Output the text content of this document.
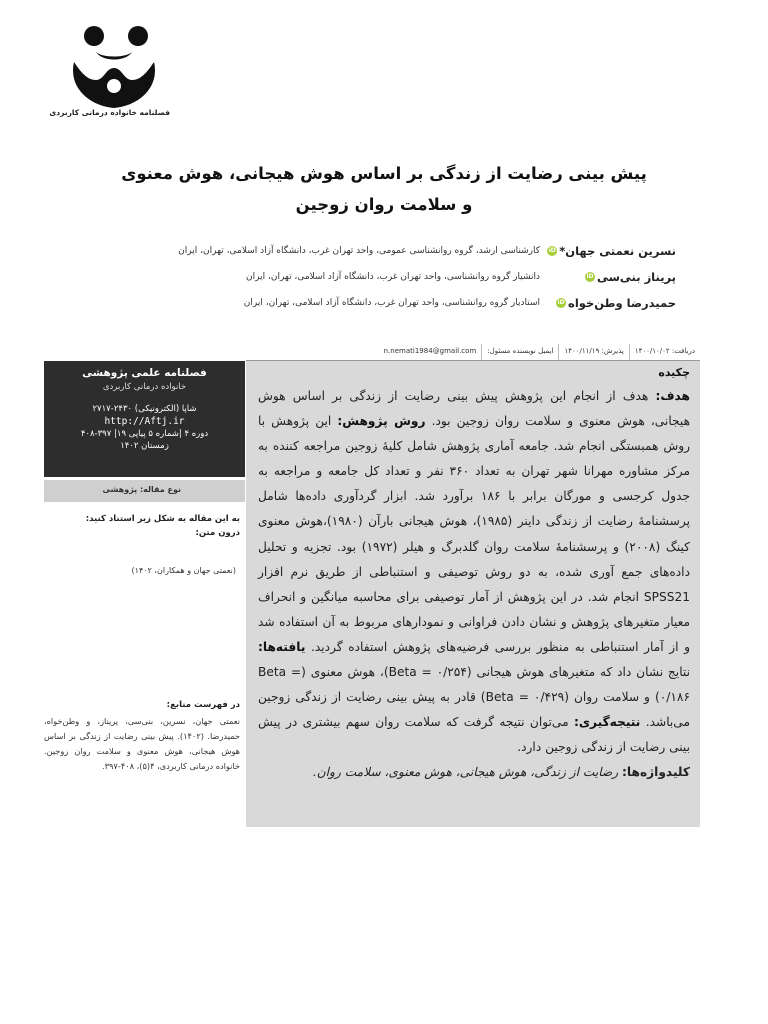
فصلنامه خانواده درمانی کاربردی
پیش بینی رضایت از زندگی بر اساس هوش هیجانی، هوش معنوی
و سلامت روان زوجین
نسرین نعمتی جهان*
iD
کارشناسی ارشد، گروه روانشناسی عمومی، واحد تهران غرب، دانشگاه آزاد اسلامی، تهران، ایران
پریناز بنی‌سی
iD
دانشیار گروه روانشناسی، واحد تهران غرب، دانشگاه آزاد اسلامی، تهران، ایران
حمیدرضا وطن‌خواه
iD
استادیار گروه روانشناسی، واحد تهران غرب، دانشگاه آزاد اسلامی، تهران، ایران
دریافت: ۱۴۰۰/۱۰/۰۲
پذیرش: ۱۴۰۰/۱۱/۱۹
ایمیل نویسنده مسئول:
n.nemati1984@gmail.com
فصلنامه علمی پژوهشی
خانواده درمانی کاربردی
شاپا (الکترونیکی) ۲۴۳۰-۲۷۱۷
http://Aftj.ir
دوره ۴ |شماره ۵ پیاپی ۱۹| ۳۹۷-۴۰۸
زمستان ۱۴۰۲
نوع مقاله: پژوهشی
به این مقاله به شکل زیر استناد کنید:
درون متن:
(نعمتی جهان و همکاران، ۱۴۰۲)
در فهرست منابع:
نعمتی جهان، نسرین، بنی‌سی، پریناز، و وطن‌خواه، حمیدرضا. (۱۴۰۲). پیش بینی رضایت از زندگی بر اساس هوش هیجانی، هوش معنوی و سلامت روان زوجین. خانواده درمانی کاربردی، ۴(۵)، ۴۰۸-۳۹۷.
چکیده
هدف: هدف از انجام این پژوهش پیش بینی رضایت از زندگی بر اساس هوش هیجانی، هوش معنوی و سلامت روان زوجین بود. روش پژوهش: این پژوهش با روش همبستگی انجام شد. جامعه آماری پژوهش شامل کلیهٔ زوجین مراجعه کننده به مرکز مشاوره مهرانا شهر تهران به تعداد ۳۶۰ نفر و تعداد کل جامعه و مراجعه به جدول کرجسی و مورگان برابر با ۱۸۶ برآورد شد. ابزار گردآوری داده‌ها شامل پرسشنامهٔ رضایت از زندگی داینر (۱۹۸۵)، هوش هیجانی بارآن (۱۹۸۰)،هوش معنوی کینگ (۲۰۰۸) و پرسشنامهٔ سلامت روان گلدبرگ و هیلر (۱۹۷۲) بود. تجزیه و تحلیل داده‌های جمع آوری شده، به دو روش توصیفی و استنباطی از طریق نرم افزار SPSS21 انجام شد. در این پژوهش از آمار توصیفی برای محاسبه میانگین و انحراف معیار متغیرهای پژوهش و نشان دادن فراوانی و نمودارهای مربوط به آن استفاده شد و از آمار استنباطی به منظور بررسی فرضیه‌های پژوهش استفاده گردید. یافته‌ها: نتایج نشان داد که متغیرهای هوش هیجانی (Beta = ۰/۲۵۴)، هوش معنوی (Beta = ۰/۱۸۶) و سلامت روان (Beta = ۰/۴۲۹) قادر به پیش بینی رضایت از زندگی زوجین می‌باشد. نتیجه‌گیری: می‌توان نتیجه گرفت که سلامت روان سهم بیشتری در پیش بینی رضایت از زندگی زوجین دارد.
کلیدواژه‌ها: رضایت از زندگی، هوش هیجانی، هوش معنوی، سلامت روان.
